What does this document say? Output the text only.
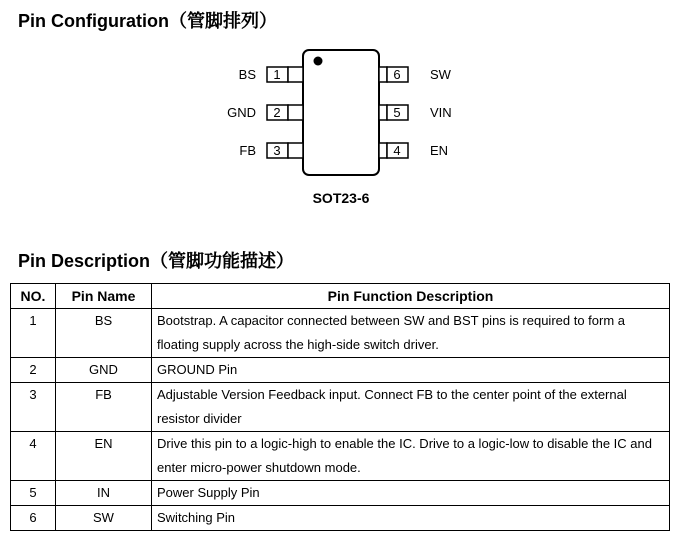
Pin Configuration（管脚排列）
1
2
3
6
5
4
BS
GND
FB
SW
VIN
EN
SOT23-6
Pin Description（管脚功能描述）
NO.	Pin Name	Pin Function Description
1	BS	Bootstrap. A capacitor connected between SW and BST pins is required to form a
floating supply across the high-side switch driver.

2	GND	GROUND Pin

3	FB	Adjustable Version Feedback input. Connect FB to the center point of the external
resistor divider

4	EN	Drive this pin to a logic-high to enable the IC. Drive to a logic-low to disable the IC and
enter micro-power shutdown mode.

5	IN	Power Supply Pin

6	SW	Switching Pin
